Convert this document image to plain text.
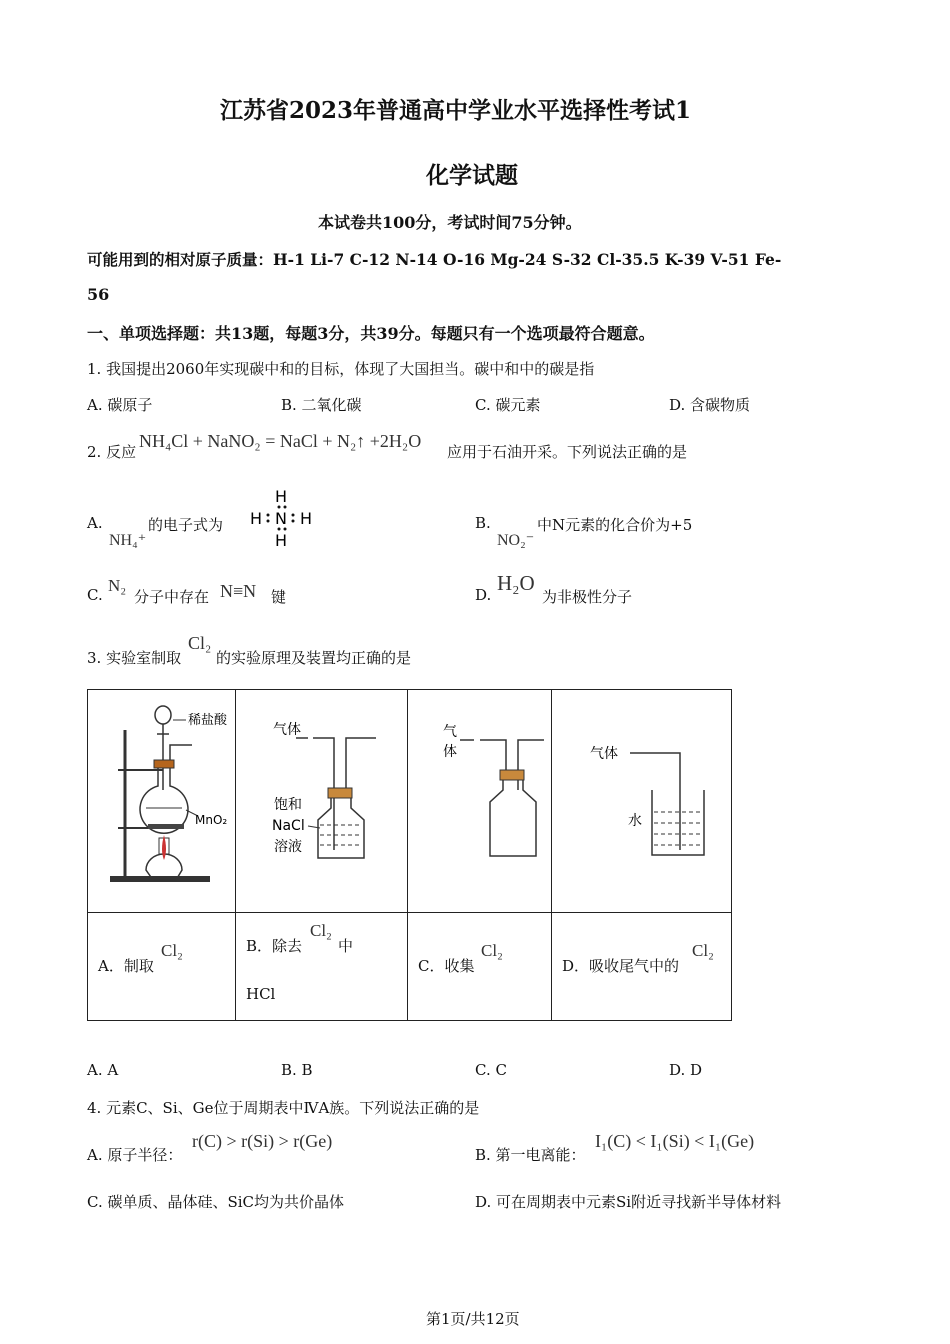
江苏省2023年普通高中学业水平选择性考试1
化学试题
本试卷共100分，考试时间75分钟。
可能用到的相对原子质量：H-1 Li-7 C-12 N-14 O-16 Mg-24 S-32 Cl-35.5 K-39 V-51 Fe-
56
一、单项选择题：共13题，每题3分，共39分。每题只有一个选项最符合题意。
1. 我国提出2060年实现碳中和的目标，体现了大国担当。碳中和中的碳是指
A. 碳原子	B. 二氧化碳	C. 碳元素	D. 含碳物质
2. 反应
NH₄Cl + NaNO₂ = NaCl + N₂↑ +2H₂O
应用于石油开采。下列说法正确的是
A.
NH₄⁺
的电子式为
H
H N H
H
B.
NO₂⁻
中N元素的化合价为+5
C. N₂
分子中存在 N≡N 键	D. H₂O
为非极性分子
3. 实验室制取
Cl₂
的实验原理及装置均正确的是
稀盐酸
MnO₂	气体
饱和
NaCl
溶液	气
体	气体
水

A．制取
Cl₂	B．除去
Cl₂
中
HCl	C．收集
Cl₂	D．吸收尾气中的
Cl₂
A. A	B. B	C. C	D. D
4. 元素C、Si、Ge位于周期表中ⅣA族。下列说法正确的是
A. 原子半径：
r(C) > r(Si) > r(Ge)
B. 第一电离能：
I₁(C) < I₁(Si) < I₁(Ge)
C. 碳单质、晶体硅、SiC均为共价晶体	D. 可在周期表中元素Si附近寻找新半导体材料
第1页/共12页
